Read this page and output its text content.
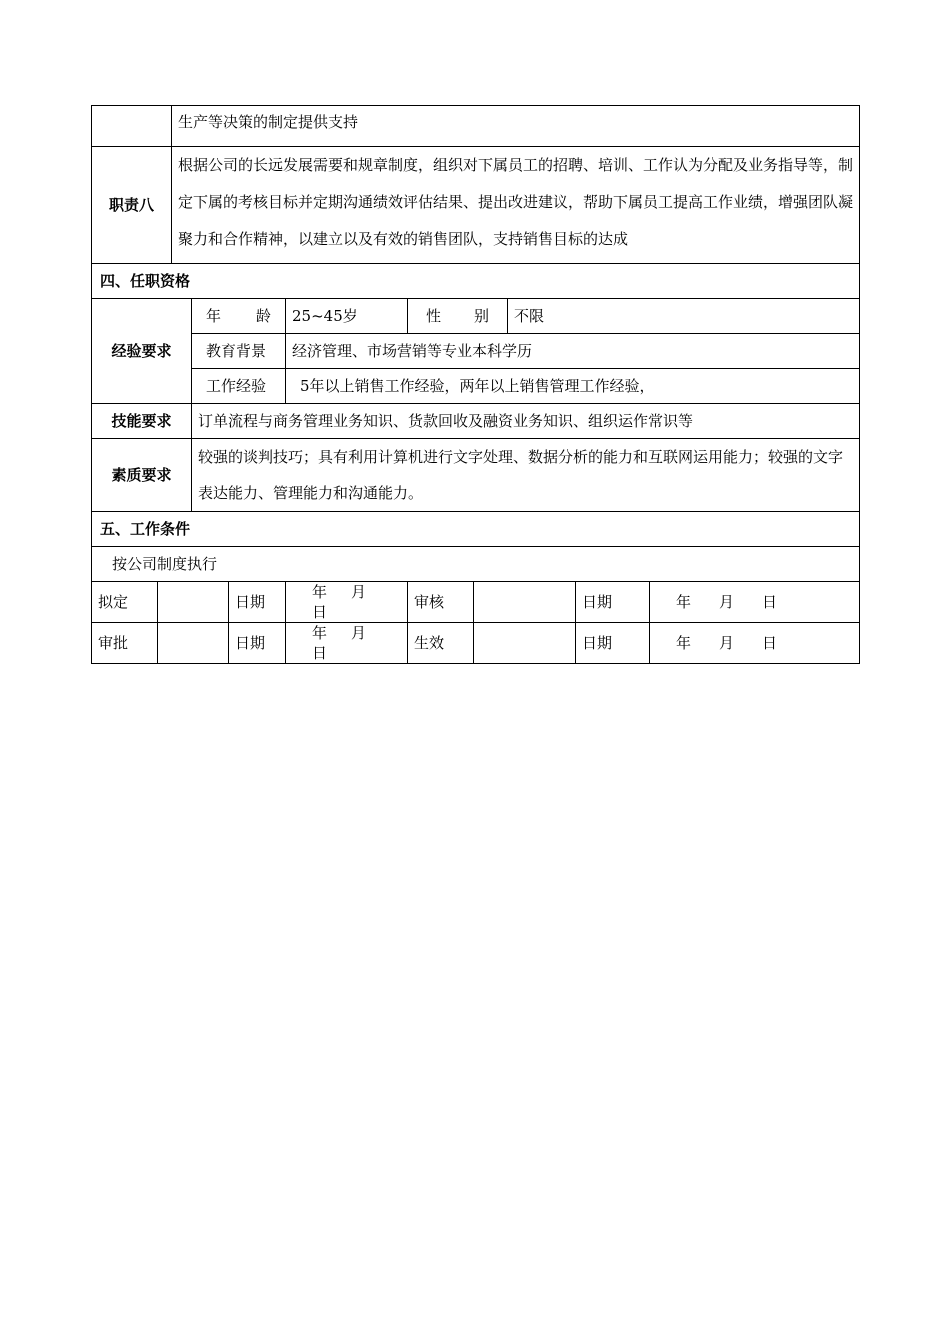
		生产等决策的制定提供支持								
职责八		根据公司的长远发展需要和规章制度，组织对下属员工的招聘、培训、工作认为分配及业务指导等，制定下属的考核目标并定期沟通绩效评估结果、提出改进建议，帮助下属员工提高工作业绩，增强团队凝聚力和合作精神，以建立以及有效的销售团队，支持销售目标的达成								
四、任职资格										
经验要求			年 龄		25~45岁	性 别		不限		
			教育背景		经济管理、市场营销等专业本科学历					
			工作经验		5年以上销售工作经验，两年以上销售管理工作经验，					
技能要求			订单流程与商务管理业务知识、货款回收及融资业务知识、组织运作常识等							
素质要求			较强的谈判技巧；具有利用计算机进行文字处理、数据分析的能力和互联网运用能力；较强的文字表达能力、管理能力和沟通能力。							
五、工作条件										
按公司制度执行										
拟定				日期	年 月日	审核			日期	年 月 日
审批				日期	年 月日	生效			日期	年 月 日
